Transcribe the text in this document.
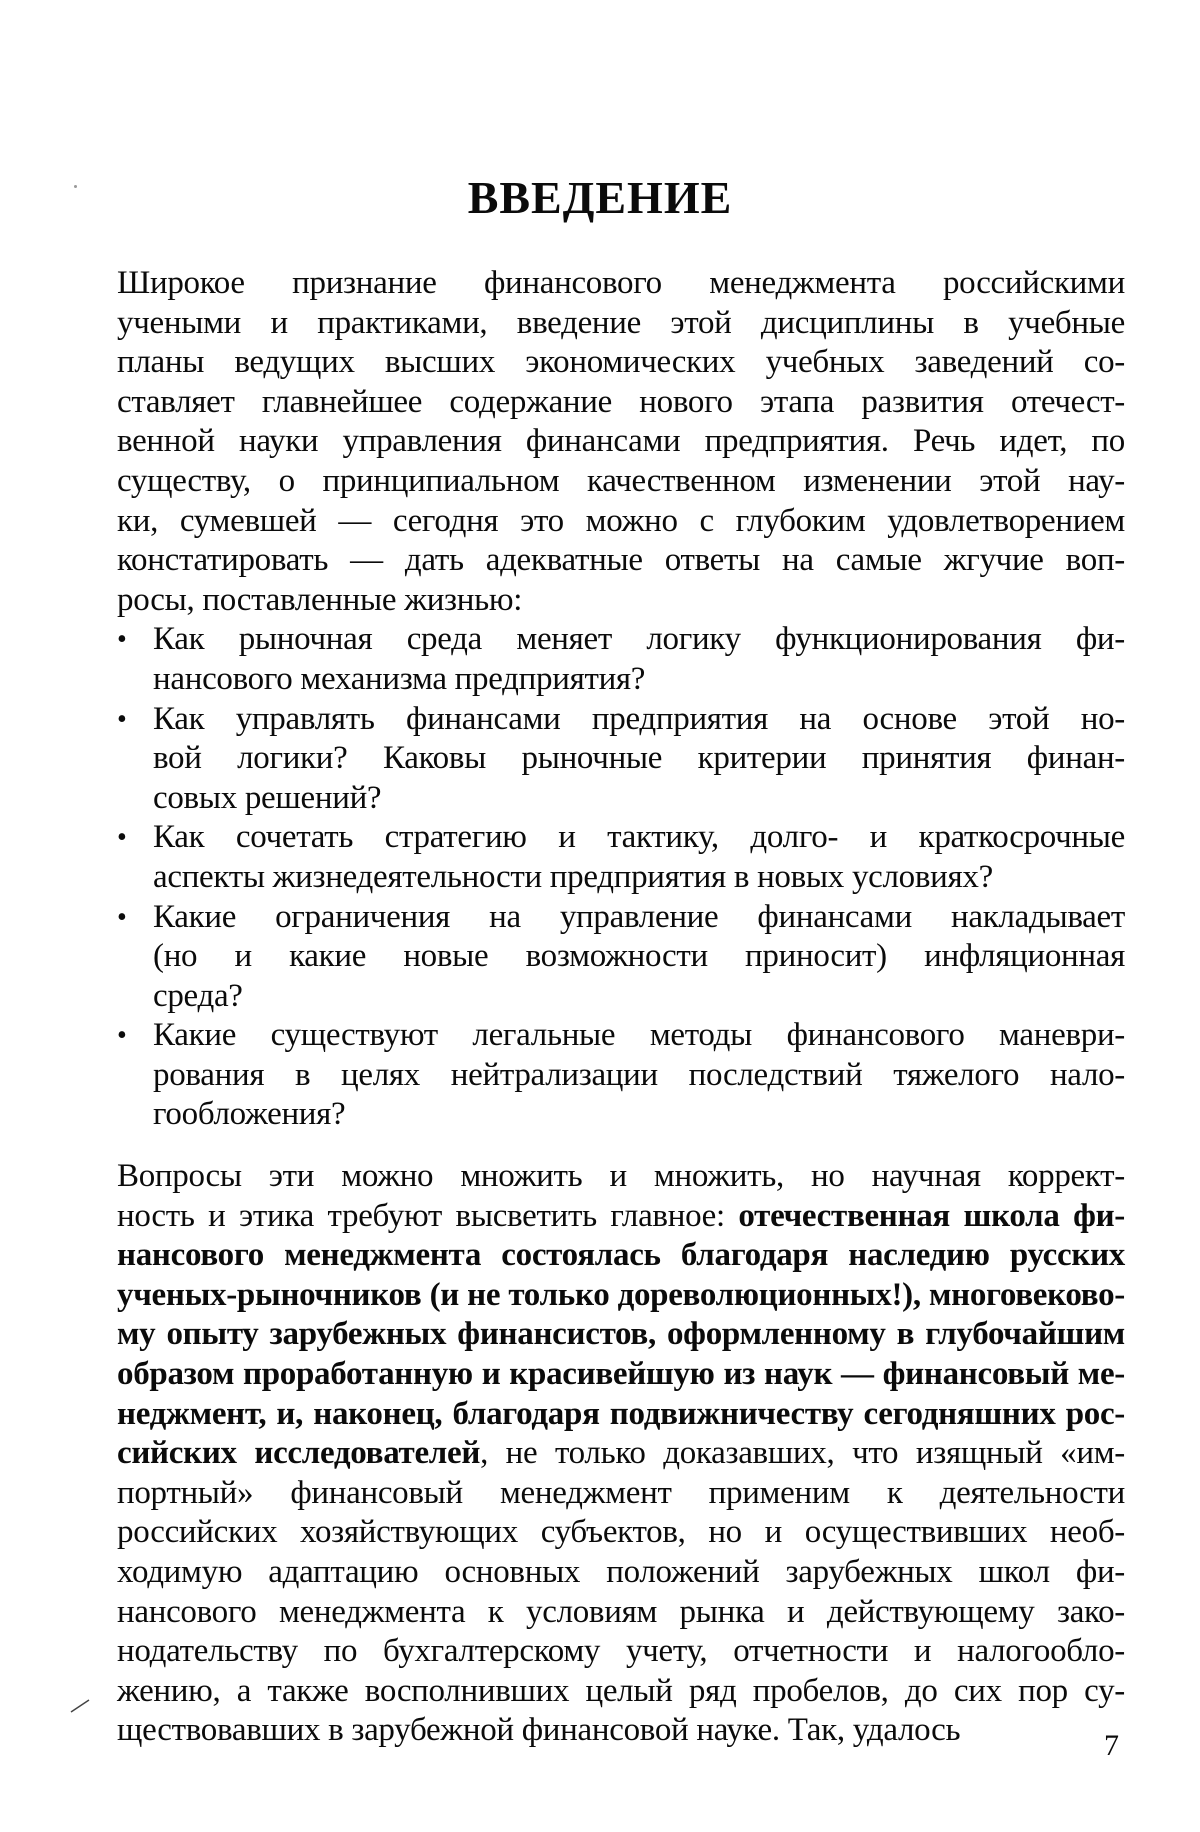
ВВЕДЕНИЕ
Широкое признание финансового менеджмента российскими
учеными и практиками, введение этой дисциплины в учебные
планы ведущих высших экономических учебных заведений со-
ставляет главнейшее содержание нового этапа развития отечест-
венной науки управления финансами предприятия. Речь идет, по
существу, о принципиальном качественном изменении этой нау-
ки, сумевшей — сегодня это можно с глубоким удовлетворением
констатировать — дать адекватные ответы на самые жгучие воп-
росы, поставленные жизнью:
• Как рыночная среда меняет логику функционирования фи-
нансового механизма предприятия?
• Как управлять финансами предприятия на основе этой но-
вой логики? Каковы рыночные критерии принятия финан-
совых решений?
• Как сочетать стратегию и тактику, долго- и краткосрочные
аспекты жизнедеятельности предприятия в новых условиях?
• Какие ограничения на управление финансами накладывает
(но и какие новые возможности приносит) инфляционная
среда?
• Какие существуют легальные методы финансового маневри-
рования в целях нейтрализации последствий тяжелого нало-
гообложения?
Вопросы эти можно множить и множить, но научная коррект-
ность и этика требуют высветить главное: отечественная школа фи-
нансового менеджмента состоялась благодаря наследию русских
ученых-рыночников (и не только дореволюционных!), многовеково-
му опыту зарубежных финансистов, оформленному в глубочайшим
образом проработанную и красивейшую из наук — финансовый ме-
неджмент, и, наконец, благодаря подвижничеству сегодняшних рос-
сийских исследователей, не только доказавших, что изящный «им-
портный» финансовый менеджмент применим к деятельности
российских хозяйствующих субъектов, но и осуществивших необ-
ходимую адаптацию основных положений зарубежных школ фи-
нансового менеджмента к условиям рынка и действующему зако-
нодательству по бухгалтерскому учету, отчетности и налогообло-
жению, а также восполнивших целый ряд пробелов, до сих пор су-
ществовавших в зарубежной финансовой науке. Так, удалось	7
